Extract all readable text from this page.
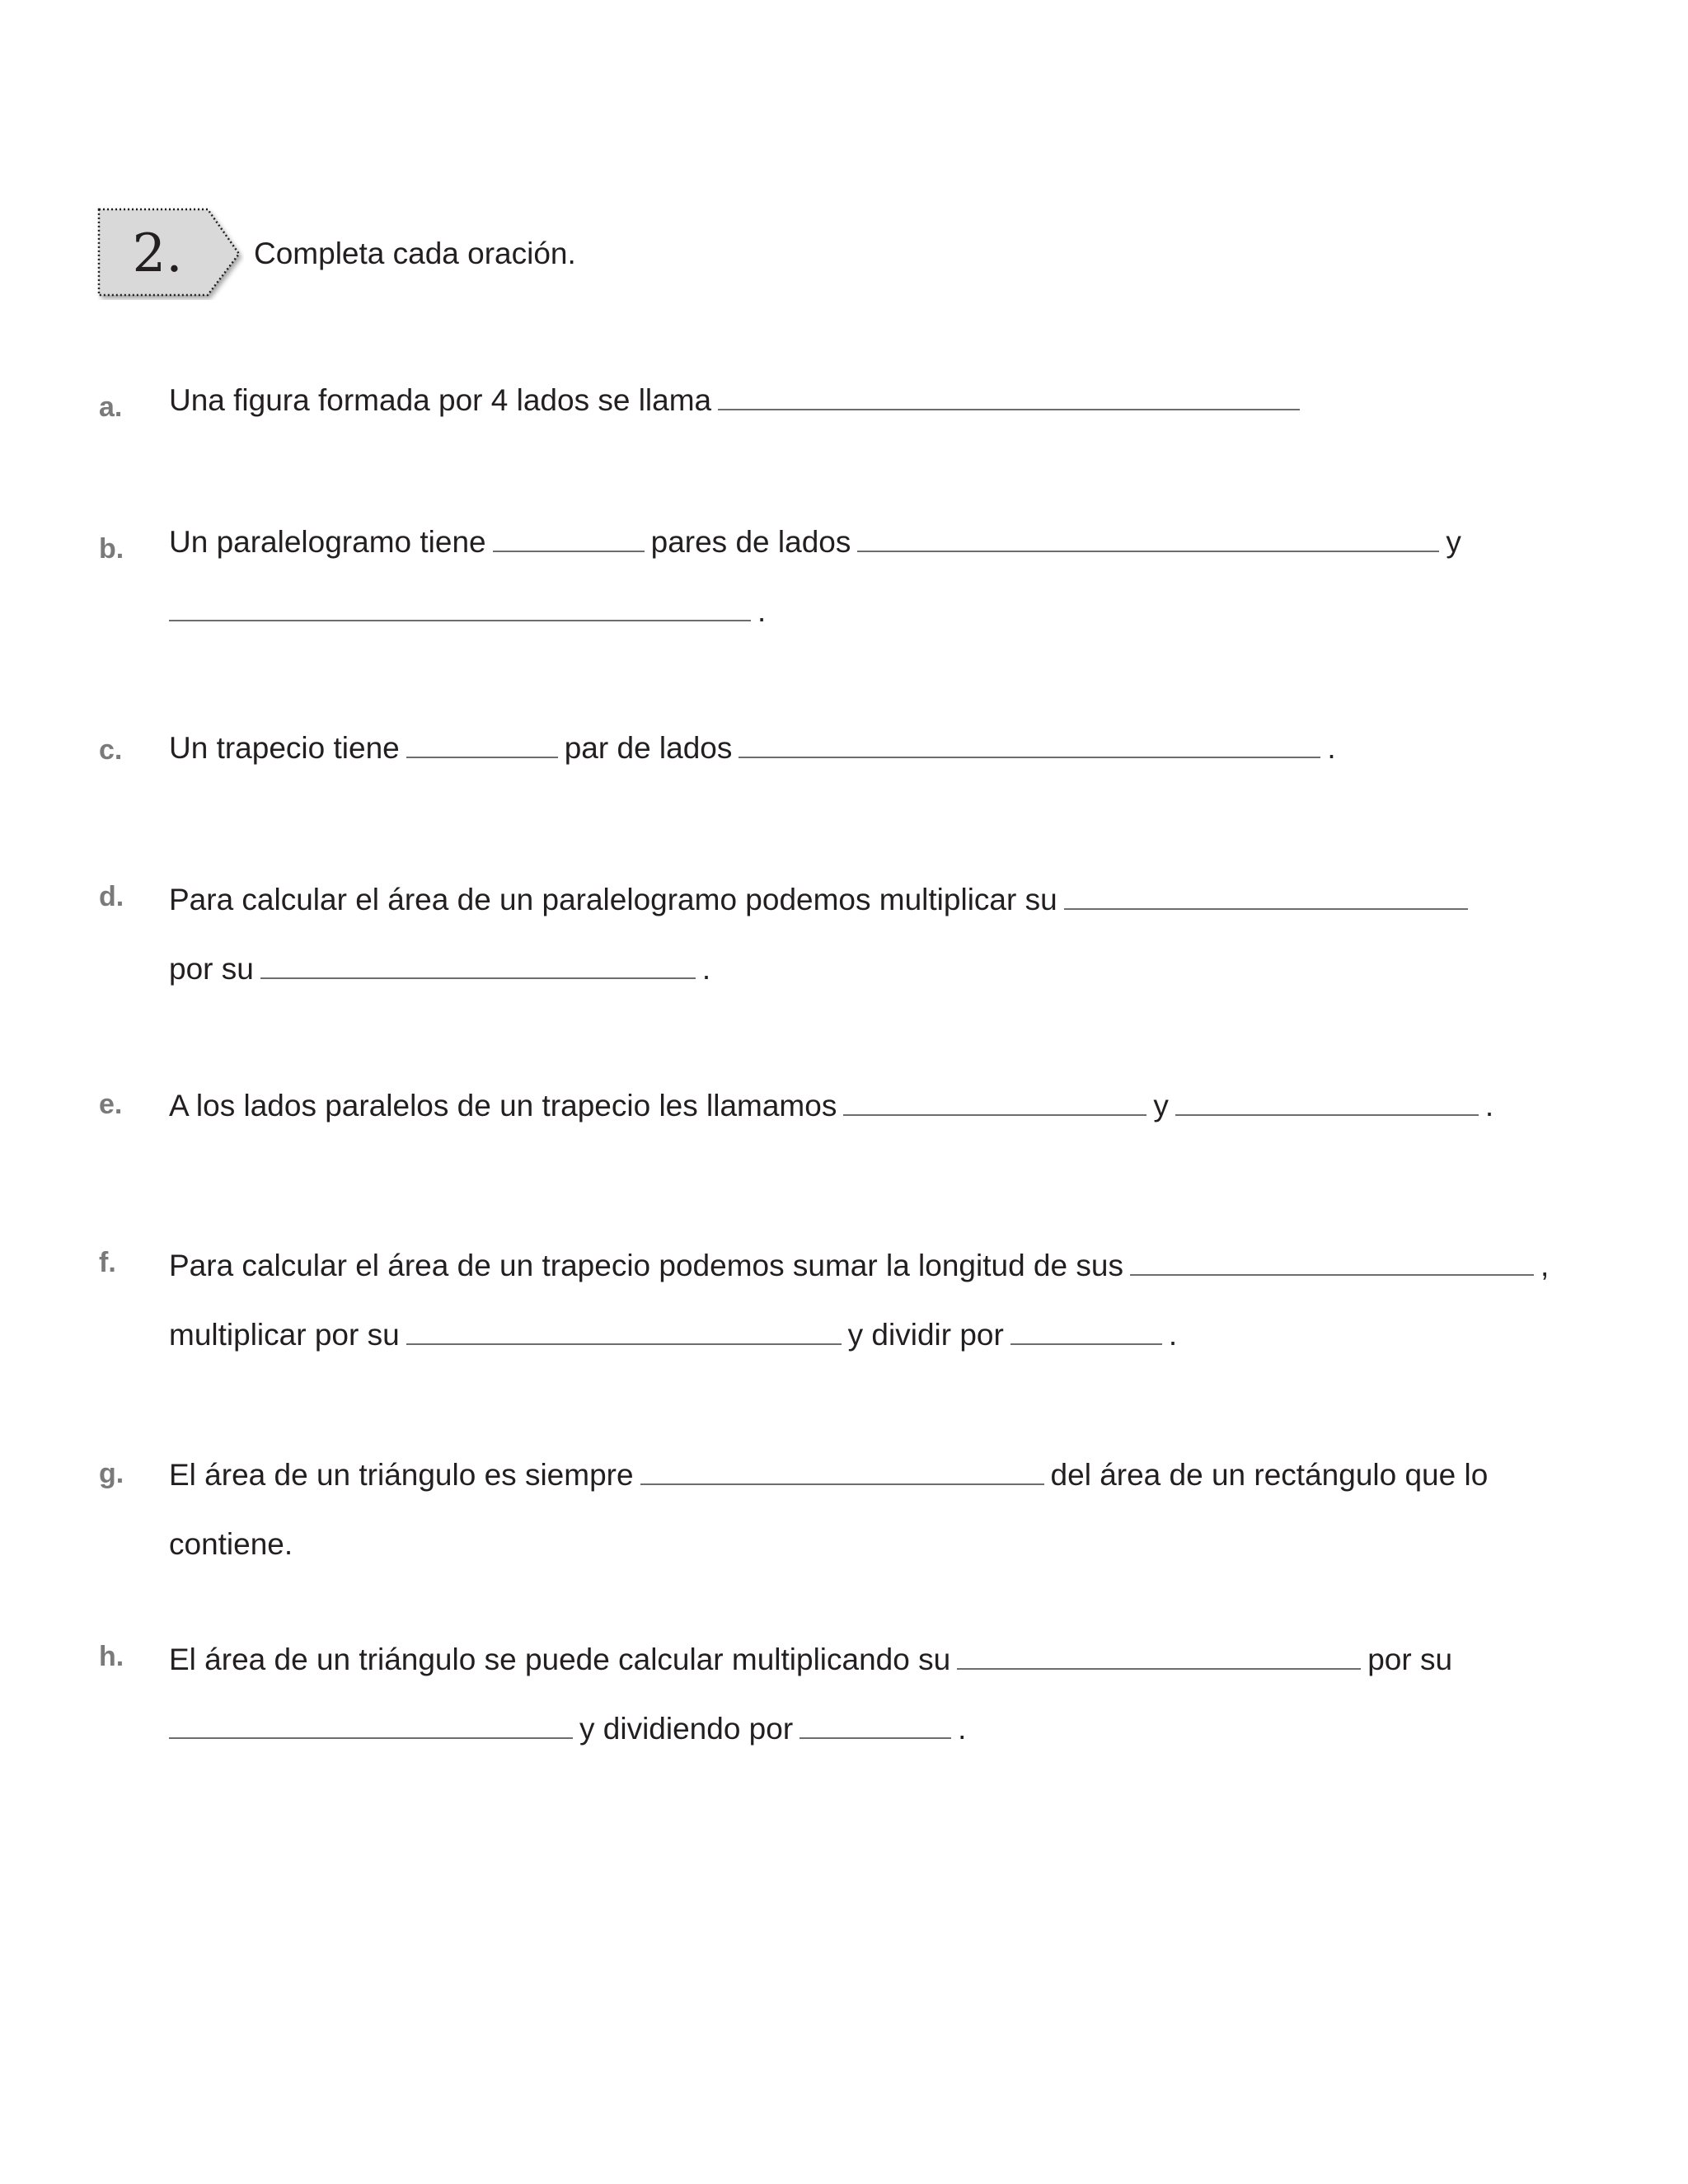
2.	Completa cada oración.
a. Una figura formada por 4 lados se llama
b. Un paralelogramo tiene	pares de lados	y
.
c. Un trapecio tiene	par de lados	.
d. Para calcular el área de un paralelogramo podemos multiplicar su
por su	.
e. A los lados paralelos de un trapecio les llamamos	y	.
f. Para calcular el área de un trapecio podemos sumar la longitud de sus	,
multiplicar por su	y dividir por	.
g. El área de un triángulo es siempre	del área de un rectángulo que lo
contiene.
h. El área de un triángulo se puede calcular multiplicando su	por su
y dividiendo por	.
